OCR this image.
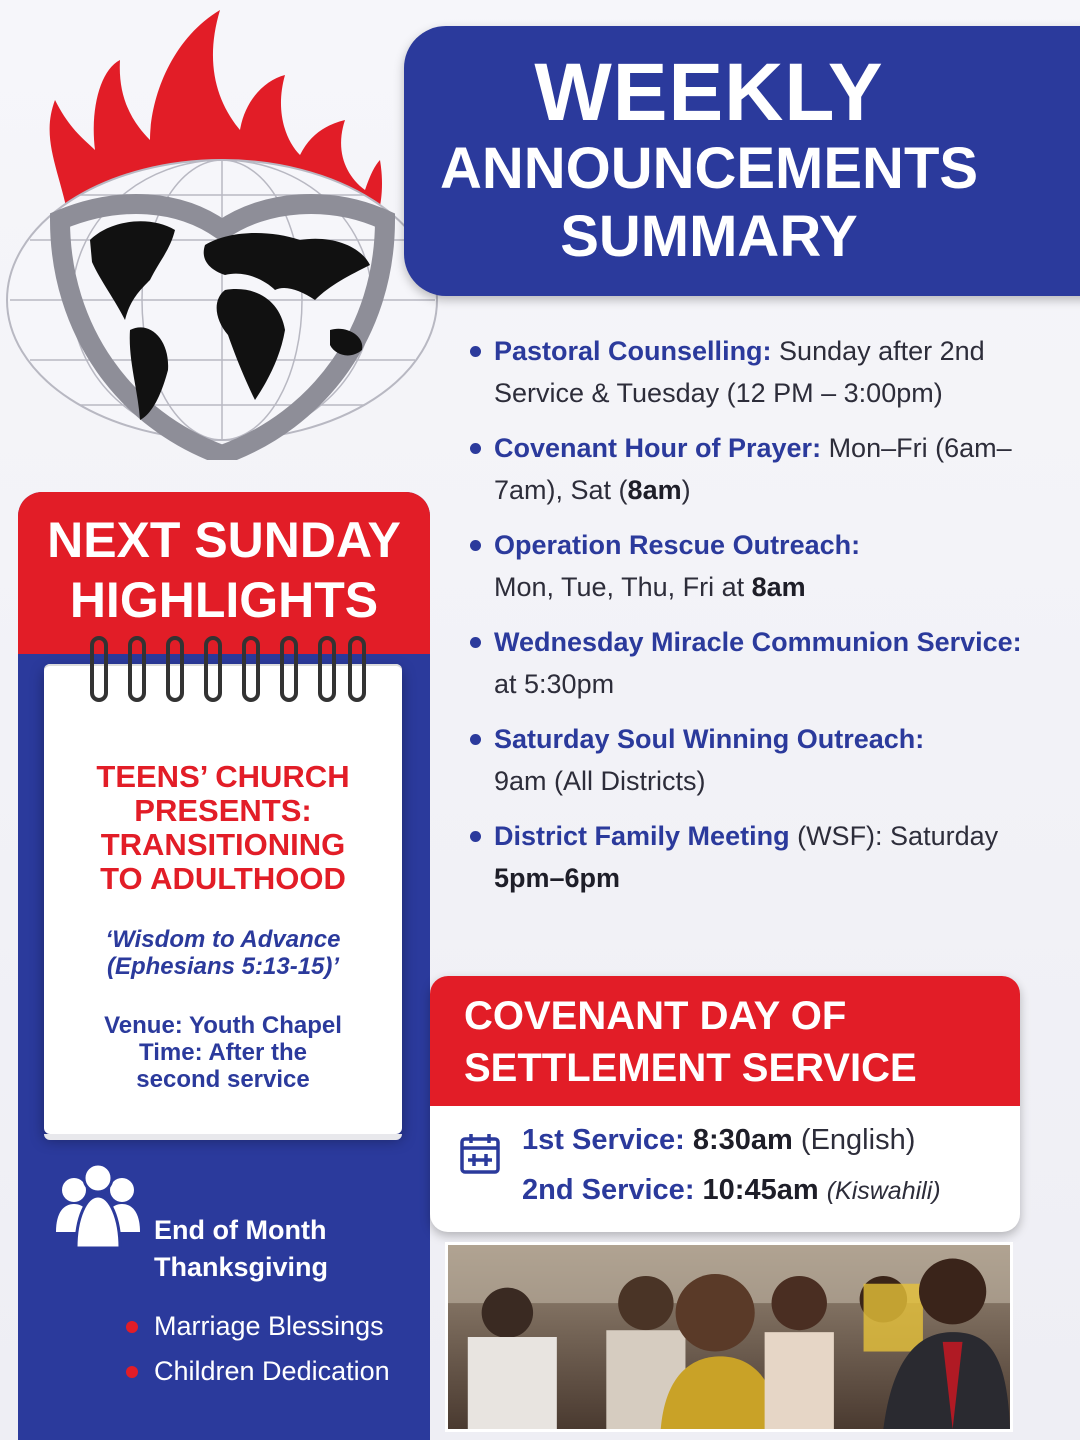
WEEKLY
ANNOUNCEMENTS
SUMMARY
Pastoral Counselling: Sunday after 2nd Service & Tuesday (12 PM – 3:00pm)
Covenant Hour of Prayer: Mon–Fri (6am–7am), Sat (8am)
Operation Rescue Outreach:
Mon, Tue, Thu, Fri at 8am
Wednesday Miracle Communion Service: at 5:30pm
Saturday Soul Winning Outreach:
9am (All Districts)
District Family Meeting (WSF): Saturday 5pm–6pm
NEXT SUNDAY
HIGHLIGHTS
TEENS’ CHURCH
PRESENTS:
TRANSITIONING
TO ADULTHOOD
‘Wisdom to Advance
(Ephesians 5:13-15)’
Venue: Youth Chapel
Time: After the
second service
End of Month
Thanksgiving
Marriage Blessings
Children Dedication
COVENANT DAY OF
SETTLEMENT SERVICE
1st Service: 8:30am (English)
2nd Service: 10:45am (Kiswahili)
